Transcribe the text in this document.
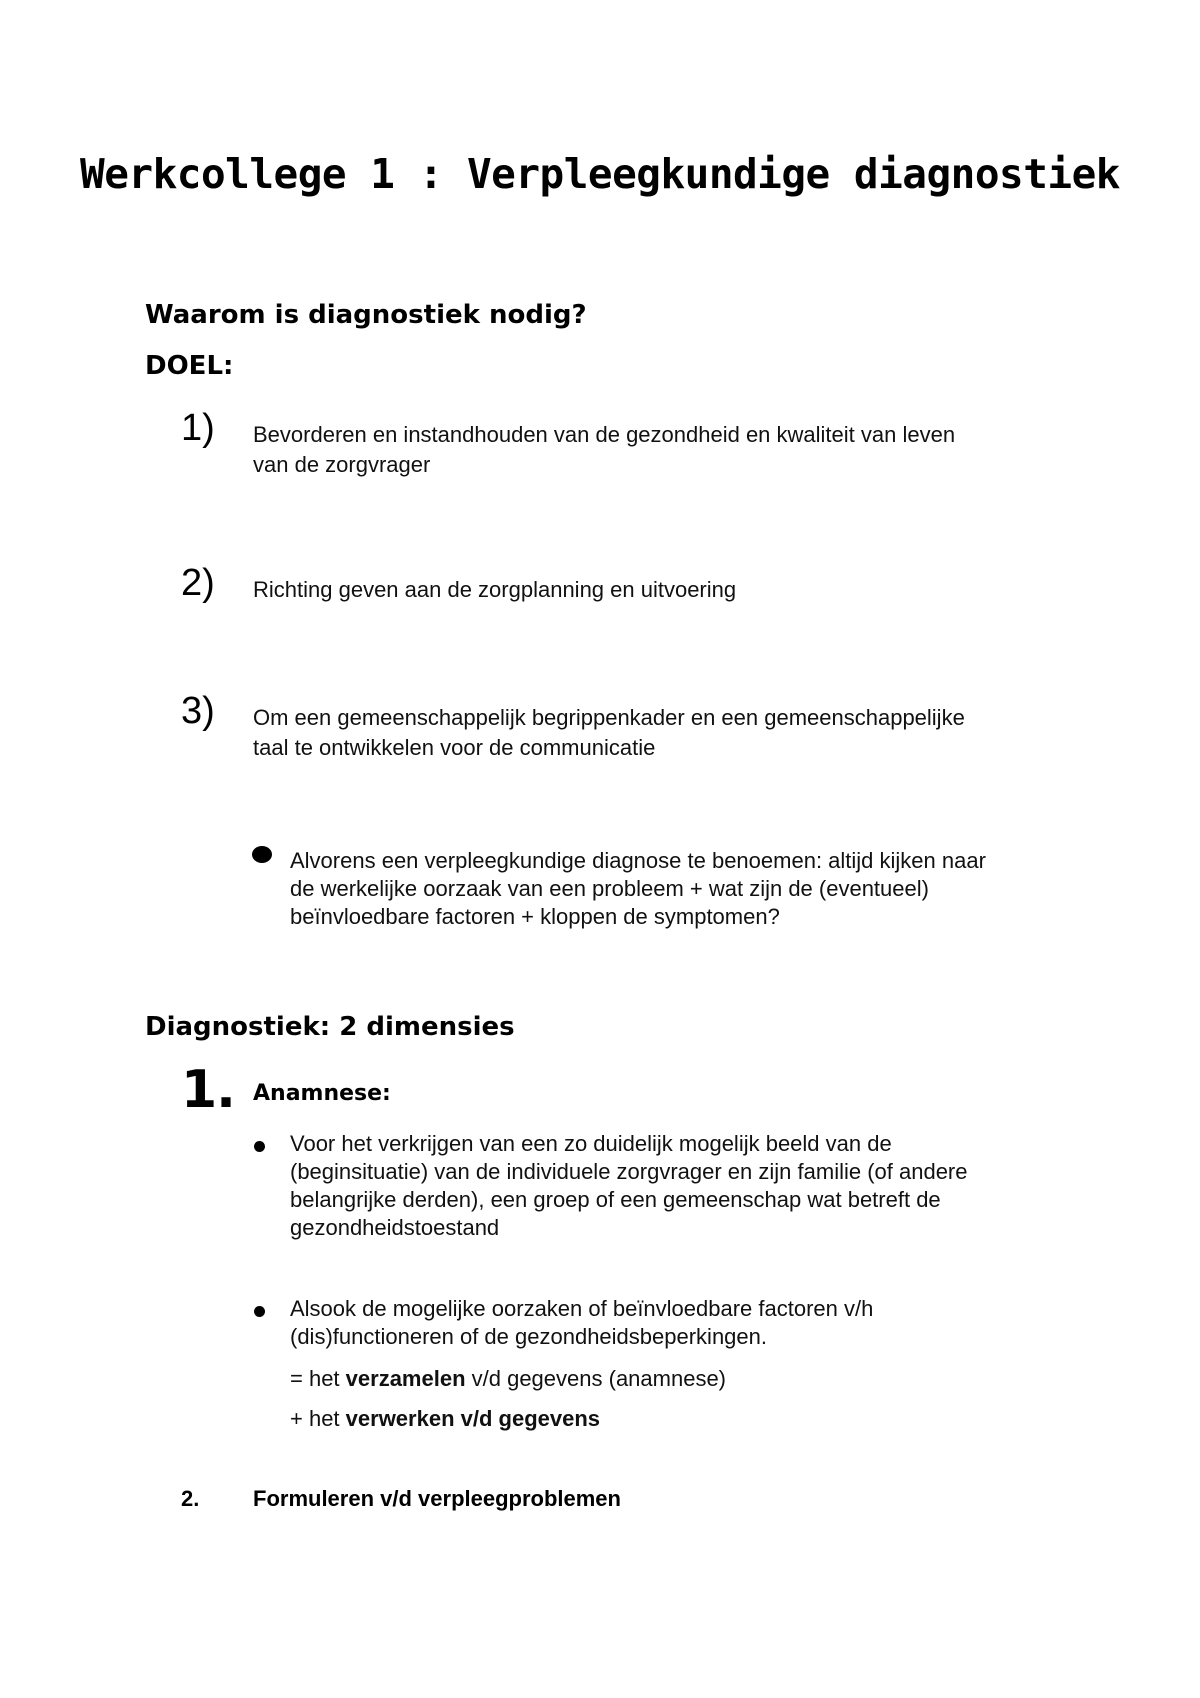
Werkcollege 1 : Verpleegkundige diagnostiek
Waarom is diagnostiek nodig?
DOEL:
1) Bevorderen en instandhouden van de gezondheid en kwaliteit van leven
van de zorgvrager
2) Richting geven aan de zorgplanning en uitvoering
3) Om een gemeenschappelijk begrippenkader en een gemeenschappelijke
taal te ontwikkelen voor de communicatie
Alvorens een verpleegkundige diagnose te benoemen: altijd kijken naar
de werkelijke oorzaak van een probleem + wat zijn de (eventueel)
beïnvloedbare factoren + kloppen de symptomen?
Diagnostiek: 2 dimensies
1. Anamnese:
Voor het verkrijgen van een zo duidelijk mogelijk beeld van de
(beginsituatie) van de individuele zorgvrager en zijn familie (of andere
belangrijke derden), een groep of een gemeenschap wat betreft de
gezondheidstoestand
Alsook de mogelijke oorzaken of beïnvloedbare factoren v/h
(dis)functioneren of de gezondheidsbeperkingen.
= het verzamelen v/d gegevens (anamnese)
+ het verwerken v/d gegevens
2. Formuleren v/d verpleegproblemen
